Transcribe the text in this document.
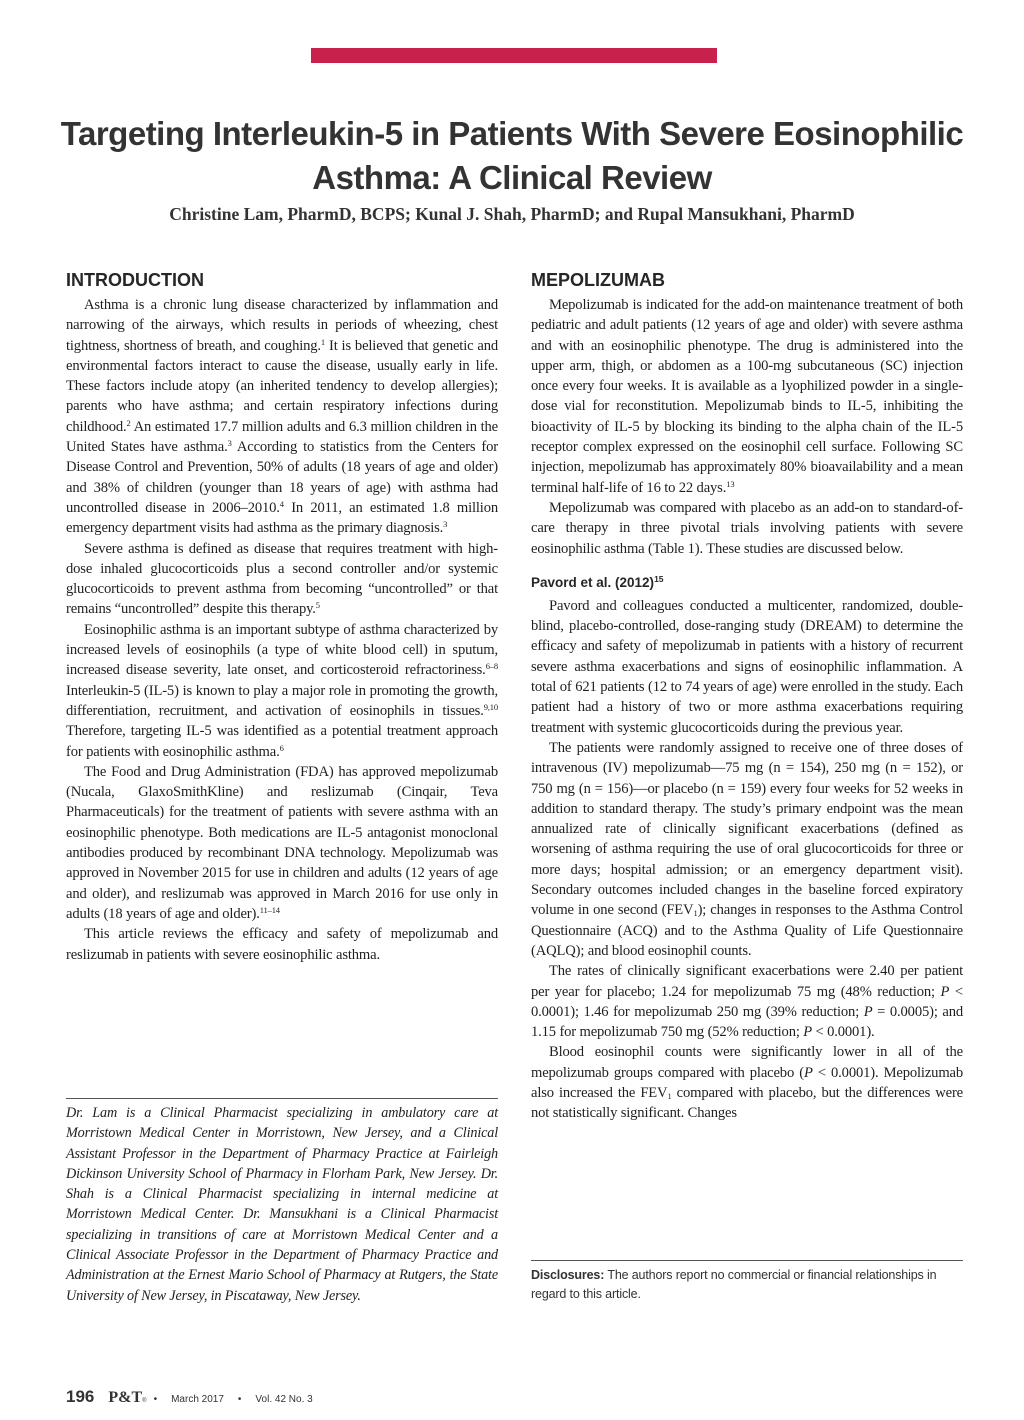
Targeting Interleukin-5 in Patients With Severe Eosinophilic Asthma: A Clinical Review
Christine Lam, PharmD, BCPS; Kunal J. Shah, PharmD; and Rupal Mansukhani, PharmD
INTRODUCTION

Asthma is a chronic lung disease characterized by inflammation and narrowing of the airways, which results in periods of wheezing, chest tightness, shortness of breath, and coughing.$^1$ It is believed that genetic and environmental factors interact to cause the disease, usually early in life. These factors include atopy (an inherited tendency to develop allergies); parents who have asthma; and certain respiratory infections during childhood.$^2$ An estimated 17.7 million adults and 6.3 million children in the United States have asthma.$^3$ According to statistics from the Centers for Disease Control and Prevention, 50% of adults (18 years of age and older) and 38% of children (younger than 18 years of age) with asthma had uncontrolled disease in 2006–2010.$^4$ In 2011, an estimated 1.8 million emergency department visits had asthma as the primary diagnosis.$^3$

Severe asthma is defined as disease that requires treatment with high-dose inhaled glucocorticoids plus a second controller and/or systemic glucocorticoids to prevent asthma from becoming “uncontrolled” or that remains “uncontrolled” despite this therapy.$^5$

Eosinophilic asthma is an important subtype of asthma characterized by increased levels of eosinophils (a type of white blood cell) in sputum, increased disease severity, late onset, and corticosteroid refractoriness.$^{6-8}$ Interleukin-5 (IL-5) is known to play a major role in promoting the growth, differentiation, recruitment, and activation of eosinophils in tissues.$^{9,10}$ Therefore, targeting IL-5 was identified as a potential treatment approach for patients with eosinophilic asthma.$^6$

The Food and Drug Administration (FDA) has approved mepolizumab (Nucala, GlaxoSmithKline) and reslizumab (Cinqair, Teva Pharmaceuticals) for the treatment of patients with severe asthma with an eosinophilic phenotype. Both medications are IL-5 antagonist monoclonal antibodies produced by recombinant DNA technology. Mepolizumab was approved in November 2015 for use in children and adults (12 years of age and older), and reslizumab was approved in March 2016 for use only in adults (18 years of age and older).$^{11-14}$

This article reviews the efficacy and safety of mepolizumab and reslizumab in patients with severe eosinophilic asthma.

Dr. Lam is a Clinical Pharmacist specializing in ambulatory care at Morristown Medical Center in Morristown, New Jersey, and a Clinical Assistant Professor in the Department of Pharmacy Practice at Fairleigh Dickinson University School of Pharmacy in Florham Park, New Jersey. Dr. Shah is a Clinical Pharmacist specializing in internal medicine at Morristown Medical Center. Dr. Mansukhani is a Clinical Pharmacist specializing in transitions of care at Morristown Medical Center and a Clinical Associate Professor in the Department of Pharmacy Practice and Administration at the Ernest Mario School of Pharmacy at Rutgers, the State University of New Jersey, in Piscataway, New Jersey.

MEPOLIZUMAB

Mepolizumab is indicated for the add-on maintenance treatment of both pediatric and adult patients (12 years of age and older) with severe asthma and with an eosinophilic phenotype. The drug is administered into the upper arm, thigh, or abdomen as a 100-mg subcutaneous (SC) injection once every four weeks. It is available as a lyophilized powder in a single-dose vial for reconstitution. Mepolizumab binds to IL-5, inhibiting the bioactivity of IL-5 by blocking its binding to the alpha chain of the IL-5 receptor complex expressed on the eosinophil cell surface. Following SC injection, mepolizumab has approximately 80% bioavailability and a mean terminal half-life of 16 to 22 days.$^{13}$

Mepolizumab was compared with placebo as an add-on to standard-of-care therapy in three pivotal trials involving patients with severe eosinophilic asthma (Table 1). These studies are discussed below.

Pavord et al. $(2012)^{15}$

Pavord and colleagues conducted a multicenter, randomized, double-blind, placebo-controlled, dose-ranging study (DREAM) to determine the efficacy and safety of mepolizumab in patients with a history of recurrent severe asthma exacerbations and signs of eosinophilic inflammation. A total of 621 patients (12 to 74 years of age) were enrolled in the study. Each patient had a history of two or more asthma exacerbations requiring treatment with systemic glucocorticoids during the previous year.

The patients were randomly assigned to receive one of three doses of intravenous (IV) mepolizumab—75 mg (n = 154), 250 mg (n = 152), or 750 mg (n = 156)—or placebo (n = 159) every four weeks for 52 weeks in addition to standard therapy. The study’s primary endpoint was the mean annualized rate of clinically significant exacerbations (defined as worsening of asthma requiring the use of oral glucocorticoids for three or more days; hospital admission; or an emergency department visit). Secondary outcomes included changes in the baseline forced expiratory volume in one second $(FEV_1)$; changes in responses to the Asthma Control Questionnaire (ACQ) and to the Asthma Quality of Life Questionnaire (AQLQ); and blood eosinophil counts.

The rates of clinically significant exacerbations were 2.40 per patient per year for placebo; 1.24 for mepolizumab 75 mg (48% reduction; P < 0.0001); 1.46 for mepolizumab 250 mg (39% reduction; P = 0.0005); and 1.15 for mepolizumab 750 mg (52% reduction; P < 0.0001).

Blood eosinophil counts were significantly lower in all of the mepolizumab groups compared with placebo (P < 0.0001). Mepolizumab also increased the $FEV_1$ compared with placebo, but the differences were not statistically significant. Changes

Disclosures: The authors report no commercial or financial relationships in regard to this article.

196 P&T® • March 2017 • Vol. 42 No. 3
